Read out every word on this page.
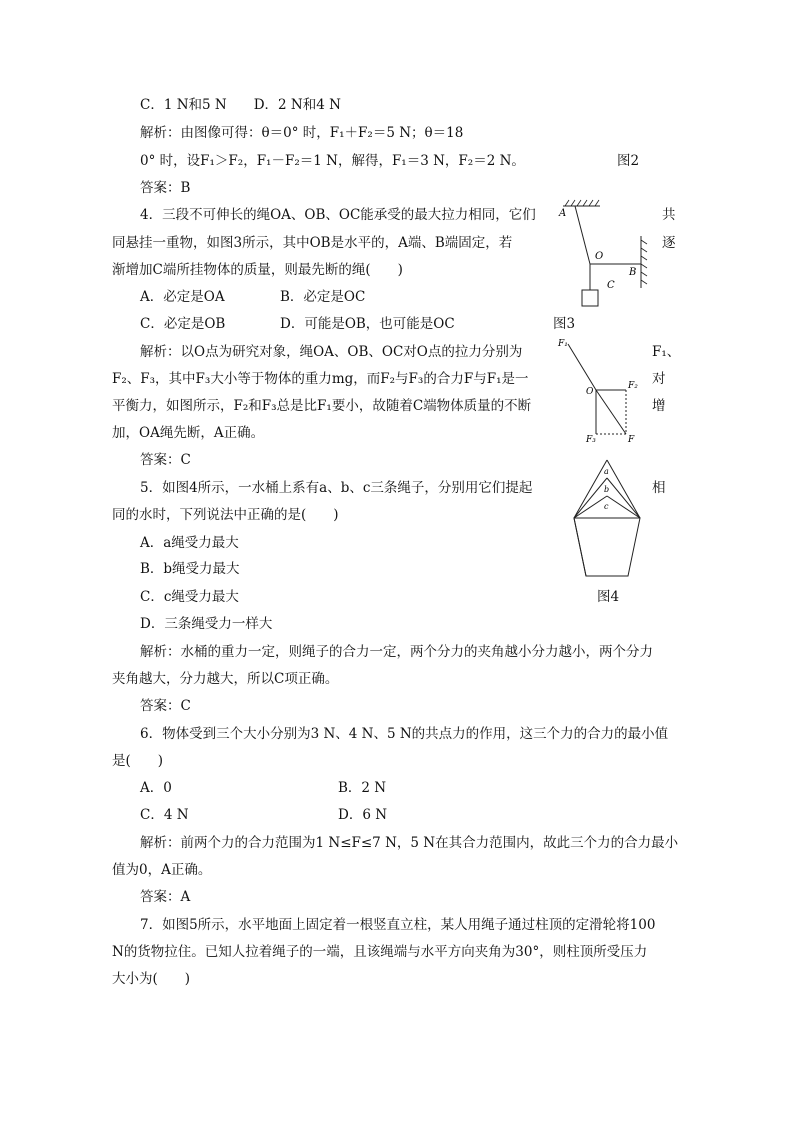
C．1 N和5 N　　D．2 N和4 N
解析：由图像可得：θ＝0° 时，F₁＋F₂＝5 N；θ＝18
0° 时，设F₁＞F₂，F₁－F₂＝1 N，解得，F₁＝3 N，F₂＝2 N。	图2
答案：B
4．三段不可伸长的绳OA、OB、OC能承受的最大拉力相同，它们	共
同悬挂一重物，如图3所示，其中OB是水平的，A端、B端固定，若	逐
渐增加C端所挂物体的质量，则最先断的绳(　　)
A．必定是OA	B．必定是OC
C．必定是OB	D．可能是OB，也可能是OC	图3
A
O
B
C
解析：以O点为研究对象，绳OA、OB、OC对O点的拉力分别为	F₁、
F₂、F₃，其中F₃大小等于物体的重力mg，而F₂与F₃的合力F与F₁是一	对
平衡力，如图所示，F₂和F₃总是比F₁要小，故随着C端物体质量的不断	增
加，OA绳先断，A正确。
F₁
O
F₂
F₃	F
答案：C
5．如图4所示，一水桶上系有a、b、c三条绳子，分别用它们提起	相
同的水时，下列说法中正确的是(　　)
A．a绳受力最大
B．b绳受力最大
C．c绳受力最大	图4
D．三条绳受力一样大
a
b
c
解析：水桶的重力一定，则绳子的合力一定，两个分力的夹角越小分力越小，两个分力
夹角越大，分力越大，所以C项正确。
答案：C
6．物体受到三个大小分别为3 N、4 N、5 N的共点力的作用，这三个力的合力的最小值
是(　　)
A．0	B．2 N
C．4 N	D．6 N
解析：前两个力的合力范围为1 N≤F≤7 N，5 N在其合力范围内，故此三个力的合力最小
值为0，A正确。
答案：A
7．如图5所示，水平地面上固定着一根竖直立柱，某人用绳子通过柱顶的定滑轮将100
N的货物拉住。已知人拉着绳子的一端，且该绳端与水平方向夹角为30°，则柱顶所受压力
大小为(　　)
